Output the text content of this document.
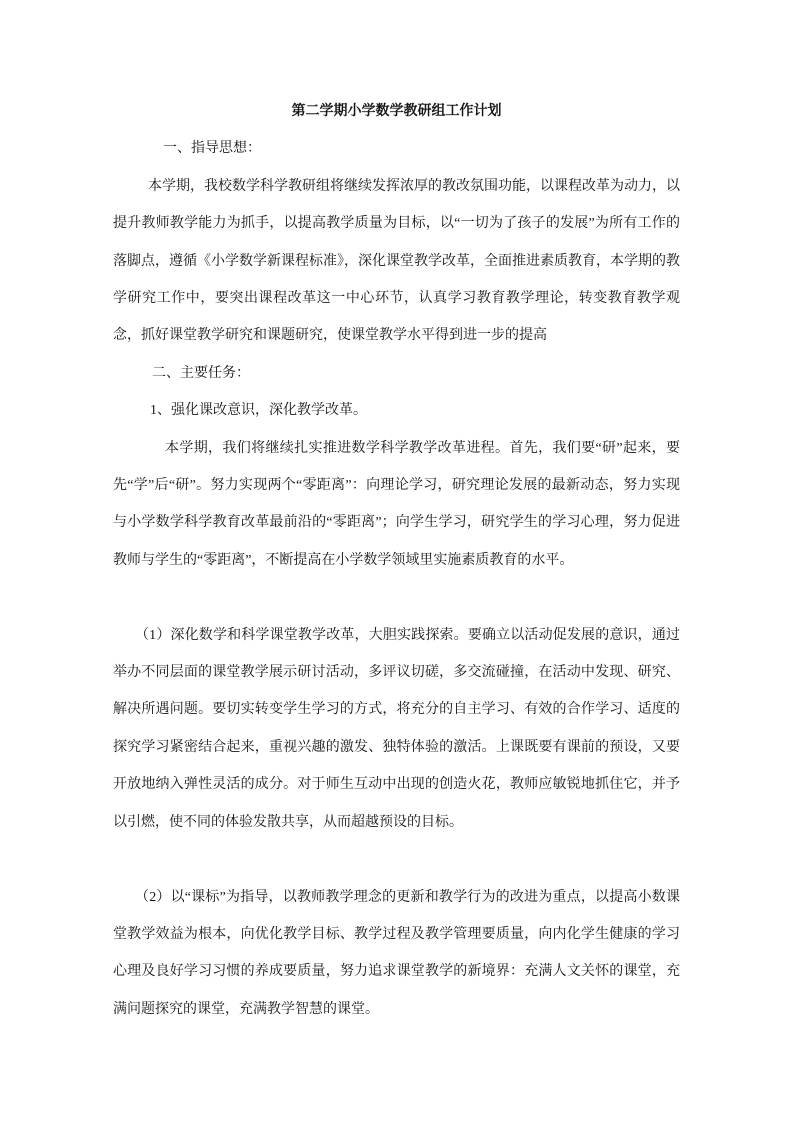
第二学期小学数学教研组工作计划

一、指导思想：

本学期，我校数学科学教研组将继续发挥浓厚的教改氛围功能，以课程改革为动力，以提升教师教学能力为抓手，以提高教学质量为目标，以“一切为了孩子的发展”为所有工作的落脚点，遵循《小学数学新课程标准》，深化课堂教学改革，全面推进素质教育，本学期的教学研究工作中，要突出课程改革这一中心环节，认真学习教育教学理论，转变教育教学观念，抓好课堂教学研究和课题研究，使课堂教学水平得到进一步的提高

二、主要任务：

1、强化课改意识，深化教学改革。

本学期，我们将继续扎实推进数学科学教学改革进程。首先，我们要“研”起来，要先“学”后“研”。努力实现两个“零距离”：向理论学习，研究理论发展的最新动态，努力实现与小学数学科学教育改革最前沿的“零距离”；向学生学习，研究学生的学习心理，努力促进教师与学生的“零距离”，不断提高在小学数学领域里实施素质教育的水平。

（1）深化数学和科学课堂教学改革，大胆实践探索。要确立以活动促发展的意识，通过举办不同层面的课堂教学展示研讨活动，多评议切磋，多交流碰撞，在活动中发现、研究、解决所遇问题。要切实转变学生学习的方式，将充分的自主学习、有效的合作学习、适度的探究学习紧密结合起来，重视兴趣的激发、独特体验的激活。上课既要有课前的预设，又要开放地纳入弹性灵活的成分。对于师生互动中出现的创造火花，教师应敏锐地抓住它，并予以引燃，使不同的体验发散共享，从而超越预设的目标。

（2）以“课标”为指导，以教师教学理念的更新和教学行为的改进为重点，以提高小数课堂教学效益为根本，向优化教学目标、教学过程及教学管理要质量，向内化学生健康的学习心理及良好学习习惯的养成要质量，努力追求课堂教学的新境界：充满人文关怀的课堂，充满问题探究的课堂，充满教学智慧的课堂。
